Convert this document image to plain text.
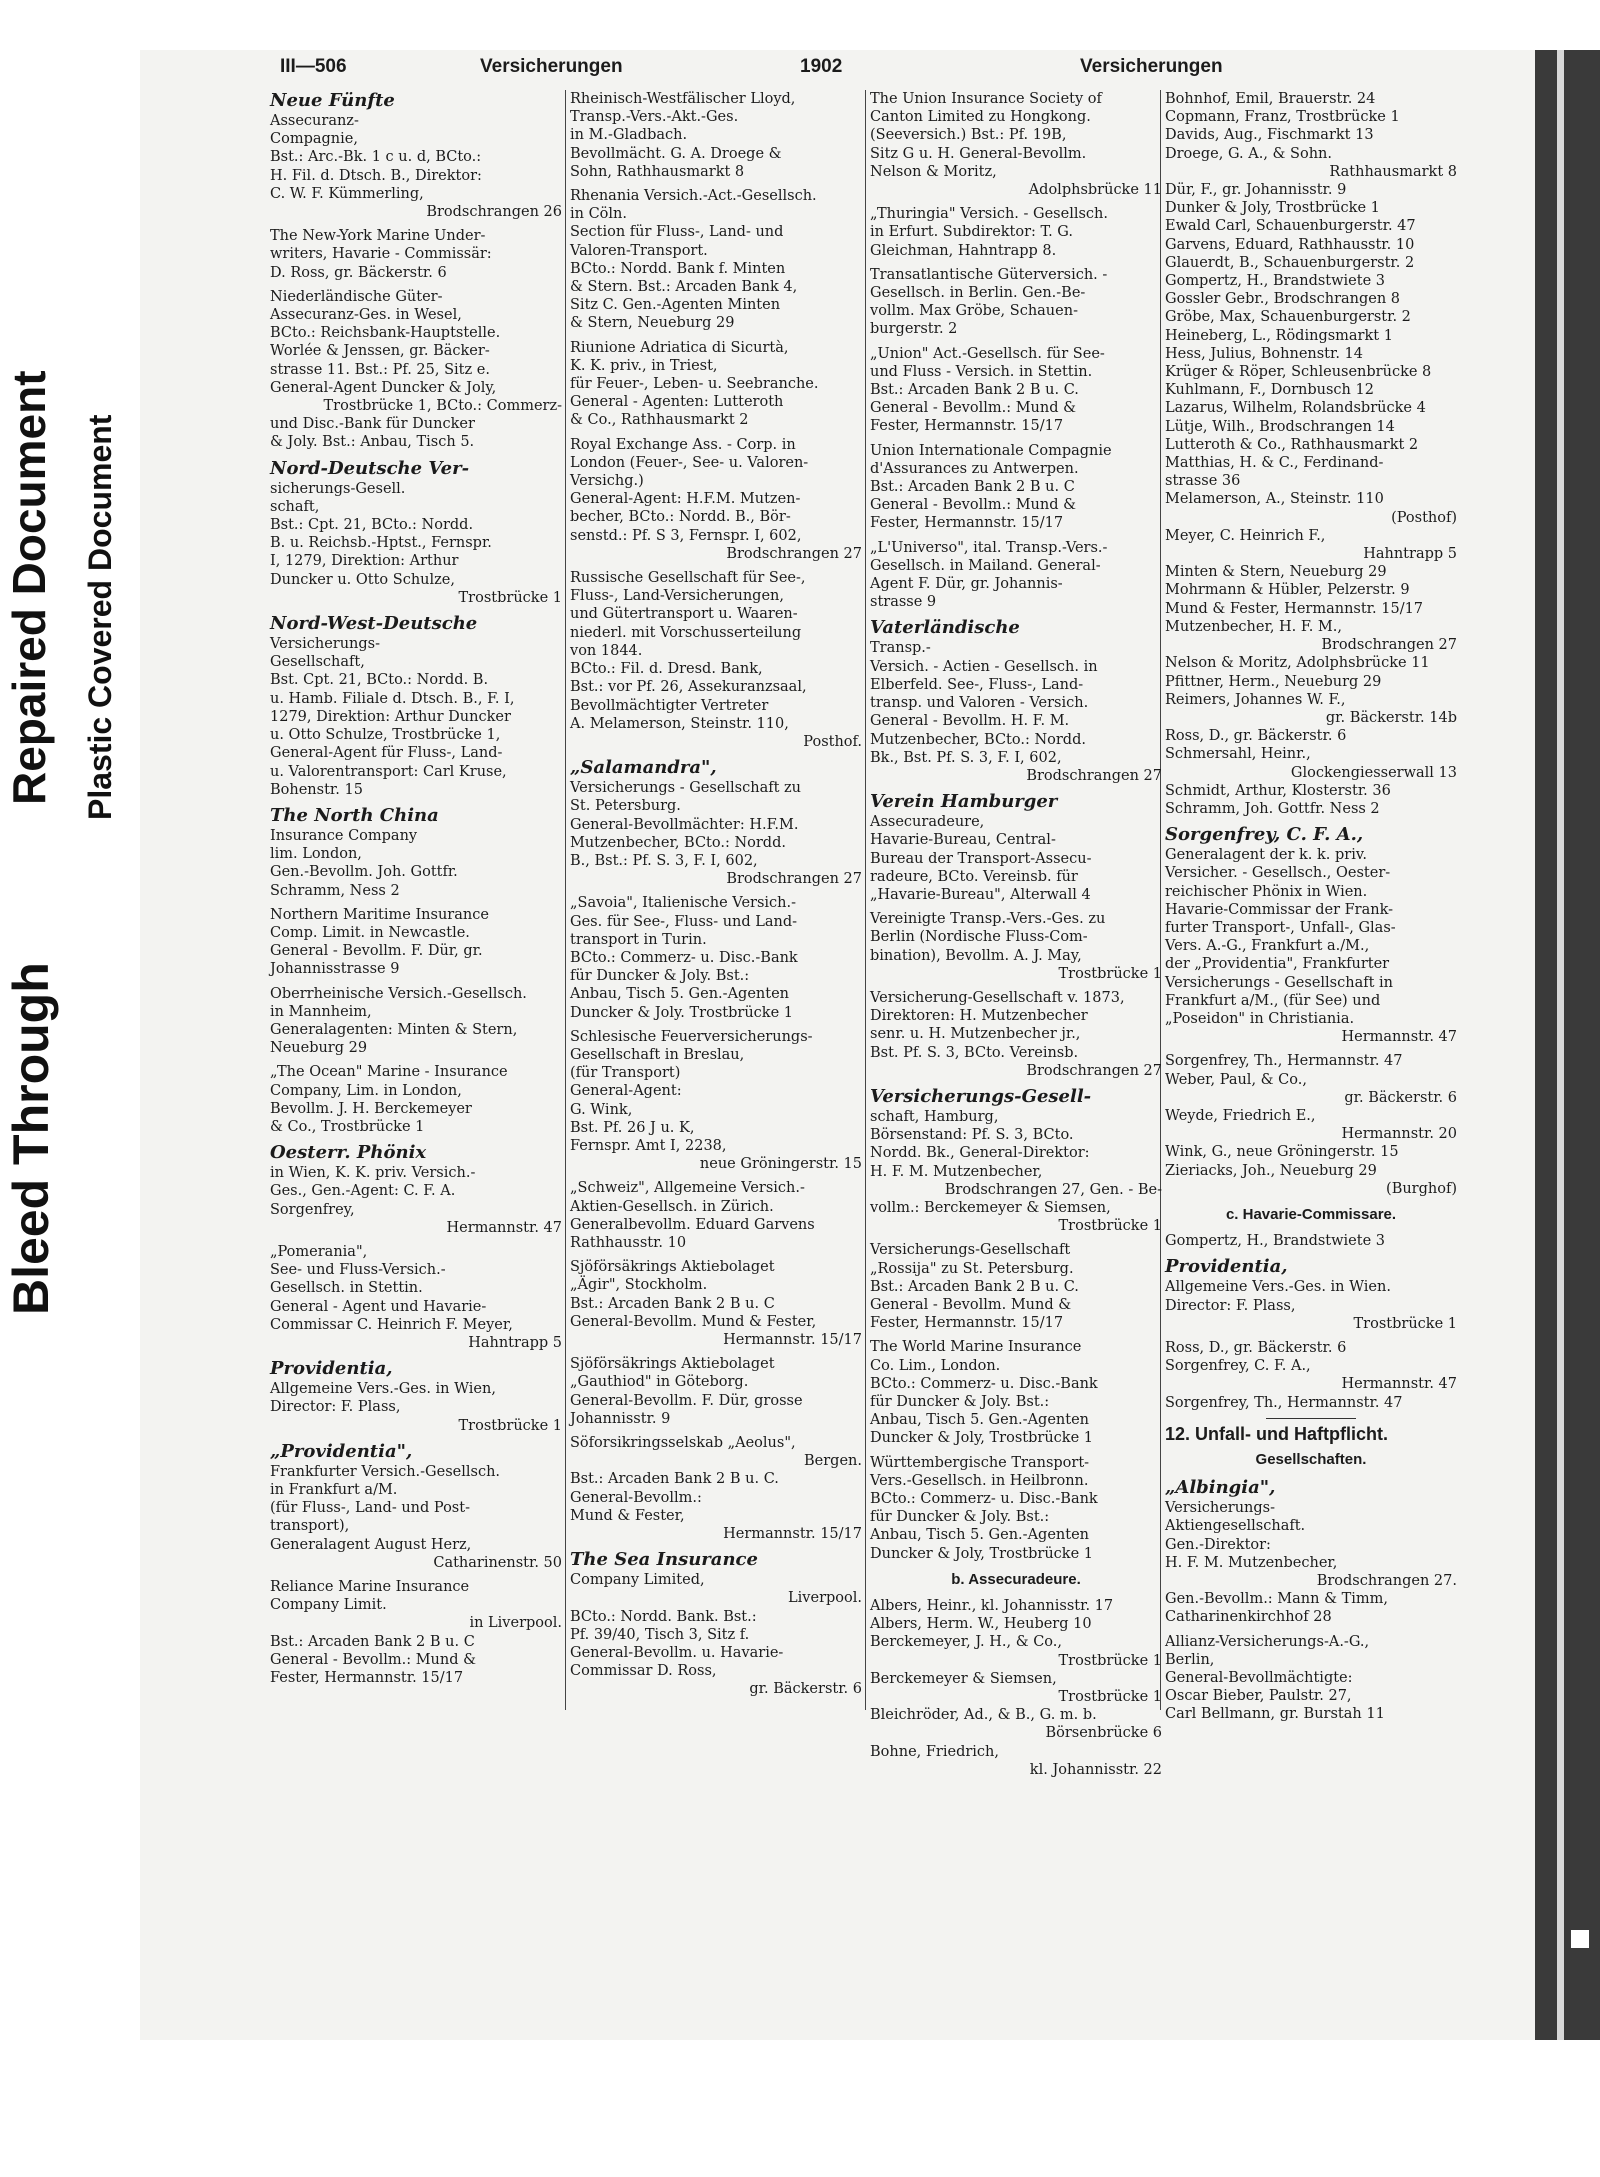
Bleed Through
Repaired Document Plastic Covered Document
III—506	Versicherungen	1902	Versicherungen
Neue Fünfte
Assecuranz-
Compagnie,
Bst.: Arc.-Bk. 1 c u. d, BCto.:
H. Fil. d. Dtsch. B., Direktor:
C. W. F. Kümmerling,
Brodschrangen 26
The New-York Marine Under-
writers, Havarie - Commissär:
D. Ross, gr. Bäckerstr. 6
Niederländische Güter-
Assecuranz-Ges. in Wesel,
BCto.: Reichsbank-Hauptstelle.
Worlée & Jenssen, gr. Bäcker-
strasse 11. Bst.: Pf. 25, Sitz e.
General-Agent Duncker & Joly,
Trostbrücke 1, BCto.: Commerz-
und Disc.-Bank für Duncker
& Joly. Bst.: Anbau, Tisch 5.
Nord-Deutsche Ver-
sicherungs-Gesell.
schaft,
Bst.: Cpt. 21, BCto.: Nordd.
B. u. Reichsb.-Hptst., Fernspr.
I, 1279, Direktion: Arthur
Duncker u. Otto Schulze,
Trostbrücke 1
Nord-West-Deutsche
Versicherungs-
Gesellschaft,
Bst. Cpt. 21, BCto.: Nordd. B.
u. Hamb. Filiale d. Dtsch. B., F. I,
1279, Direktion: Arthur Duncker
u. Otto Schulze, Trostbrücke 1,
General-Agent für Fluss-, Land-
u. Valorentransport: Carl Kruse,
Bohenstr. 15
The North China
Insurance Company
lim. London,
Gen.-Bevollm. Joh. Gottfr.
Schramm, Ness 2
Northern Maritime Insurance
Comp. Limit. in Newcastle.
General - Bevollm. F. Dür, gr.
Johannisstrasse 9
Oberrheinische Versich.-Gesellsch.
in Mannheim,
Generalagenten: Minten & Stern,
Neueburg 29
„The Ocean" Marine - Insurance
Company, Lim. in London,
Bevollm. J. H. Berckemeyer
& Co., Trostbrücke 1
Oesterr. Phönix
in Wien, K. K. priv. Versich.-
Ges., Gen.-Agent: C. F. A.
Sorgenfrey,
Hermannstr. 47
„Pomerania",
See- und Fluss-Versich.-
Gesellsch. in Stettin.
General - Agent und Havarie-
Commissar C. Heinrich F. Meyer,
Hahntrapp 5
Providentia,
Allgemeine Vers.-Ges. in Wien,
Director: F. Plass,
Trostbrücke 1
„Providentia",
Frankfurter Versich.-Gesellsch.
in Frankfurt a/M.
(für Fluss-, Land- und Post-
transport),
Generalagent August Herz,
Catharinenstr. 50
Reliance Marine Insurance
Company Limit.
in Liverpool.
Bst.: Arcaden Bank 2 B u. C
General - Bevollm.: Mund &
Fester, Hermannstr. 15/17
Rheinisch-Westfälischer Lloyd,
Transp.-Vers.-Akt.-Ges.
in M.-Gladbach.
Bevollmächt. G. A. Droege &
Sohn, Rathhausmarkt 8
Rhenania Versich.-Act.-Gesellsch.
in Cöln.
Section für Fluss-, Land- und
Valoren-Transport.
BCto.: Nordd. Bank f. Minten
& Stern. Bst.: Arcaden Bank 4,
Sitz C. Gen.-Agenten Minten
& Stern, Neueburg 29
Riunione Adriatica di Sicurtà,
K. K. priv., in Triest,
für Feuer-, Leben- u. Seebranche.
General - Agenten: Lutteroth
& Co., Rathhausmarkt 2
Royal Exchange Ass. - Corp. in
London (Feuer-, See- u. Valoren-
Versichg.)
General-Agent: H.F.M. Mutzen-
becher, BCto.: Nordd. B., Bör-
senstd.: Pf. S 3, Fernspr. I, 602,
Brodschrangen 27
Russische Gesellschaft für See-,
Fluss-, Land-Versicherungen,
und Gütertransport u. Waaren-
niederl. mit Vorschusserteilung
von 1844.
BCto.: Fil. d. Dresd. Bank,
Bst.: vor Pf. 26, Assekuranzsaal,
Bevollmächtigter Vertreter
A. Melamerson, Steinstr. 110,
Posthof.
„Salamandra",
Versicherungs - Gesellschaft zu
St. Petersburg.
General-Bevollmächter: H.F.M.
Mutzenbecher, BCto.: Nordd.
B., Bst.: Pf. S. 3, F. I, 602,
Brodschrangen 27
„Savoia", Italienische Versich.-
Ges. für See-, Fluss- und Land-
transport in Turin.
BCto.: Commerz- u. Disc.-Bank
für Duncker & Joly. Bst.:
Anbau, Tisch 5. Gen.-Agenten
Duncker & Joly. Trostbrücke 1
Schlesische Feuerversicherungs-
Gesellschaft in Breslau,
(für Transport)
General-Agent:
G. Wink,
Bst. Pf. 26 J u. K,
Fernspr. Amt I, 2238,
neue Gröningerstr. 15
„Schweiz", Allgemeine Versich.-
Aktien-Gesellsch. in Zürich.
Generalbevollm. Eduard Garvens
Rathhausstr. 10
Sjöförsäkrings Aktiebolaget
„Ägir", Stockholm.
Bst.: Arcaden Bank 2 B u. C
General-Bevollm. Mund & Fester,
Hermannstr. 15/17
Sjöförsäkrings Aktiebolaget
„Gauthiod" in Göteborg.
General-Bevollm. F. Dür, grosse
Johannisstr. 9
Söforsikringsselskab „Aeolus",
Bergen.
Bst.: Arcaden Bank 2 B u. C.
General-Bevollm.:
Mund & Fester,
Hermannstr. 15/17
The Sea Insurance
Company Limited,
Liverpool.
BCto.: Nordd. Bank. Bst.:
Pf. 39/40, Tisch 3, Sitz f.
General-Bevollm. u. Havarie-
Commissar D. Ross,
gr. Bäckerstr. 6
The Union Insurance Society of
Canton Limited zu Hongkong.
(Seeversich.) Bst.: Pf. 19B,
Sitz G u. H. General-Bevollm.
Nelson & Moritz,
Adolphsbrücke 11
„Thuringia" Versich. - Gesellsch.
in Erfurt. Subdirektor: T. G.
Gleichman, Hahntrapp 8.
Transatlantische Güterversich. -
Gesellsch. in Berlin. Gen.-Be-
vollm. Max Gröbe, Schauen-
burgerstr. 2
„Union" Act.-Gesellsch. für See-
und Fluss - Versich. in Stettin.
Bst.: Arcaden Bank 2 B u. C.
General - Bevollm.: Mund &
Fester, Hermannstr. 15/17
Union Internationale Compagnie
d'Assurances zu Antwerpen.
Bst.: Arcaden Bank 2 B u. C
General - Bevollm.: Mund &
Fester, Hermannstr. 15/17
„L'Universo", ital. Transp.-Vers.-
Gesellsch. in Mailand. General-
Agent F. Dür, gr. Johannis-
strasse 9
Vaterländische
Transp.-
Versich. - Actien - Gesellsch. in
Elberfeld. See-, Fluss-, Land-
transp. und Valoren - Versich.
General - Bevollm. H. F. M.
Mutzenbecher, BCto.: Nordd.
Bk., Bst. Pf. S. 3, F. I, 602,
Brodschrangen 27
Verein Hamburger
Assecuradeure,
Havarie-Bureau, Central-
Bureau der Transport-Assecu-
radeure, BCto. Vereinsb. für
„Havarie-Bureau", Alterwall 4
Vereinigte Transp.-Vers.-Ges. zu
Berlin (Nordische Fluss-Com-
bination), Bevollm. A. J. May,
Trostbrücke 1
Versicherung-Gesellschaft v. 1873,
Direktoren: H. Mutzenbecher
senr. u. H. Mutzenbecher jr.,
Bst. Pf. S. 3, BCto. Vereinsb.
Brodschrangen 27
Versicherungs-Gesell-
schaft, Hamburg,
Börsenstand: Pf. S. 3, BCto.
Nordd. Bk., General-Direktor:
H. F. M. Mutzenbecher,
Brodschrangen 27, Gen. - Be-
vollm.: Berckemeyer & Siemsen,
Trostbrücke 1
Versicherungs-Gesellschaft
„Rossija" zu St. Petersburg.
Bst.: Arcaden Bank 2 B u. C.
General - Bevollm. Mund &
Fester, Hermannstr. 15/17
The World Marine Insurance
Co. Lim., London.
BCto.: Commerz- u. Disc.-Bank
für Duncker & Joly. Bst.:
Anbau, Tisch 5. Gen.-Agenten
Duncker & Joly, Trostbrücke 1
Württembergische Transport-
Vers.-Gesellsch. in Heilbronn.
BCto.: Commerz- u. Disc.-Bank
für Duncker & Joly. Bst.:
Anbau, Tisch 5. Gen.-Agenten
Duncker & Joly, Trostbrücke 1
b. Assecuradeure.
Albers, Heinr., kl. Johannisstr. 17
Albers, Herm. W., Heuberg 10
Berckemeyer, J. H., & Co.,
Trostbrücke 1
Berckemeyer & Siemsen,
Trostbrücke 1
Bleichröder, Ad., & B., G. m. b.
Börsenbrücke 6
Bohne, Friedrich,
kl. Johannisstr. 22
Bohnhof, Emil, Brauerstr. 24
Copmann, Franz, Trostbrücke 1
Davids, Aug., Fischmarkt 13
Droege, G. A., & Sohn.
Rathhausmarkt 8
Dür, F., gr. Johannisstr. 9
Dunker & Joly, Trostbrücke 1
Ewald Carl, Schauenburgerstr. 47
Garvens, Eduard, Rathhausstr. 10
Glauerdt, B., Schauenburgerstr. 2
Gompertz, H., Brandstwiete 3
Gossler Gebr., Brodschrangen 8
Gröbe, Max, Schauenburgerstr. 2
Heineberg, L., Rödingsmarkt 1
Hess, Julius, Bohnenstr. 14
Krüger & Röper, Schleusenbrücke 8
Kuhlmann, F., Dornbusch 12
Lazarus, Wilhelm, Rolandsbrücke 4
Lütje, Wilh., Brodschrangen 14
Lutteroth & Co., Rathhausmarkt 2
Matthias, H. & C., Ferdinand-
strasse 36
Melamerson, A., Steinstr. 110
(Posthof)
Meyer, C. Heinrich F.,
Hahntrapp 5
Minten & Stern, Neueburg 29
Mohrmann & Hübler, Pelzerstr. 9
Mund & Fester, Hermannstr. 15/17
Mutzenbecher, H. F. M.,
Brodschrangen 27
Nelson & Moritz, Adolphsbrücke 11
Pfittner, Herm., Neueburg 29
Reimers, Johannes W. F.,
gr. Bäckerstr. 14b
Ross, D., gr. Bäckerstr. 6
Schmersahl, Heinr.,
Glockengiesserwall 13
Schmidt, Arthur, Klosterstr. 36
Schramm, Joh. Gottfr. Ness 2
Sorgenfrey, C. F. A.,
Generalagent der k. k. priv.
Versicher. - Gesellsch., Oester-
reichischer Phönix in Wien.
Havarie-Commissar der Frank-
furter Transport-, Unfall-, Glas-
Vers. A.-G., Frankfurt a./M.,
der „Providentia", Frankfurter
Versicherungs - Gesellschaft in
Frankfurt a/M., (für See) und
„Poseidon" in Christiania.
Hermannstr. 47
Sorgenfrey, Th., Hermannstr. 47
Weber, Paul, & Co.,
gr. Bäckerstr. 6
Weyde, Friedrich E.,
Hermannstr. 20
Wink, G., neue Gröningerstr. 15
Zieriacks, Joh., Neueburg 29
(Burghof)
c. Havarie-Commissare.
Gompertz, H., Brandstwiete 3
Providentia,
Allgemeine Vers.-Ges. in Wien.
Director: F. Plass,
Trostbrücke 1
Ross, D., gr. Bäckerstr. 6
Sorgenfrey, C. F. A.,
Hermannstr. 47
Sorgenfrey, Th., Hermannstr. 47
12. Unfall- und Haftpflicht.
Gesellschaften.
„Albingia",
Versicherungs-
Aktiengesellschaft.
Gen.-Direktor:
H. F. M. Mutzenbecher,
Brodschrangen 27.
Gen.-Bevollm.: Mann & Timm,
Catharinenkirchhof 28
Allianz-Versicherungs-A.-G.,
Berlin,
General-Bevollmächtigte:
Oscar Bieber, Paulstr. 27,
Carl Bellmann, gr. Burstah 11
